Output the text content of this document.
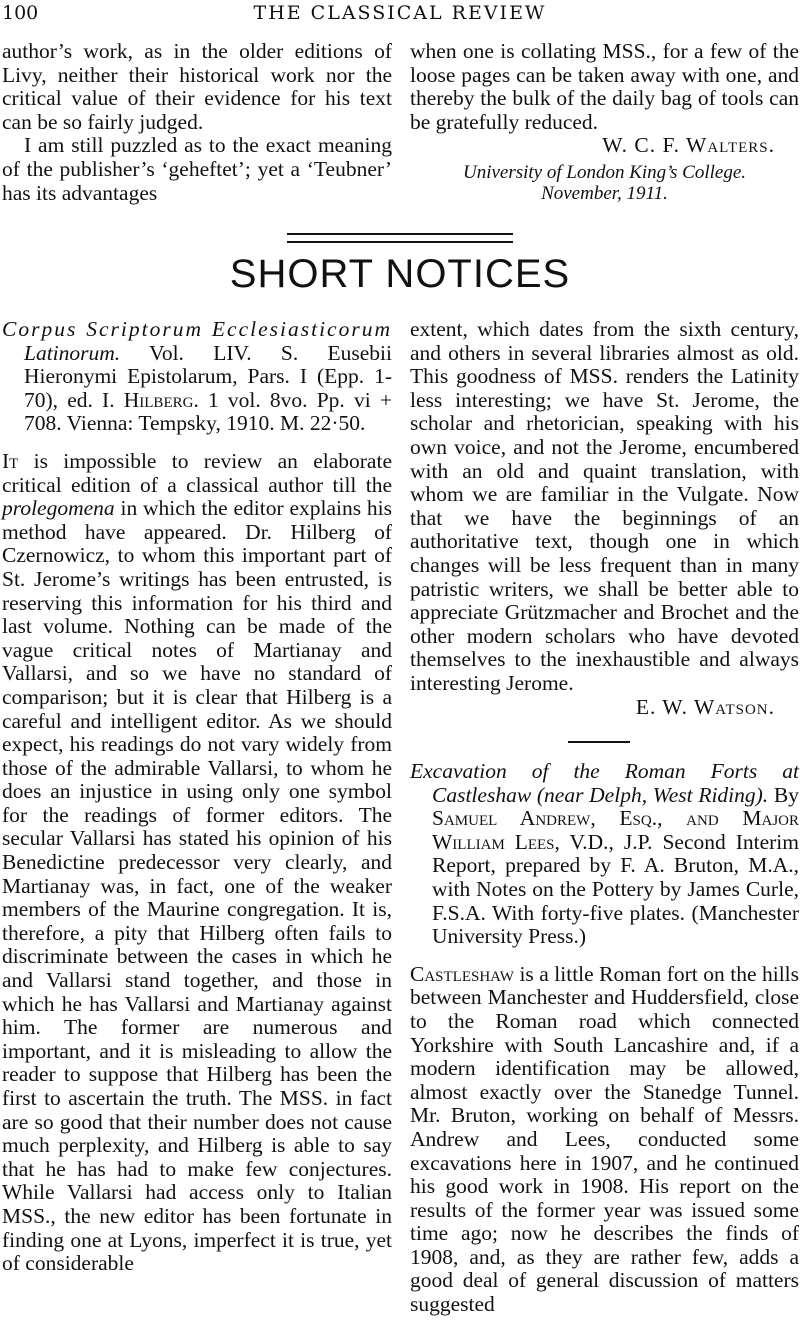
100	THE CLASSICAL REVIEW

author’s work, as in the older editions of Livy, neither their historical work nor the critical value of their evidence for his text can be so fairly judged.

I am still puzzled as to the exact meaning of the publisher’s ‘geheftet’; yet a ‘Teubner’ has its advantages

when one is collating MSS., for a few of the loose pages can be taken away with one, and thereby the bulk of the daily bag of tools can be gratefully reduced.

W. C. F. Walters.

University of London King’s College.

November, 1911.

SHORT NOTICES

Corpus Scriptorum Ecclesiasticorum Latinorum. Vol. LIV. S. Eusebii Hieronymi Epistolarum, Pars. I (Epp. 1-70), ed. I. Hilberg. 1 vol. 8vo. Pp. vi + 708. Vienna: Tempsky, 1910. M. 22·50.

It is impossible to review an elaborate critical edition of a classical author till the prolegomena in which the editor explains his method have appeared. Dr. Hilberg of Czernowicz, to whom this important part of St. Jerome’s writings has been entrusted, is reserving this information for his third and last volume. Nothing can be made of the vague critical notes of Martianay and Vallarsi, and so we have no standard of comparison; but it is clear that Hilberg is a careful and intelligent editor. As we should expect, his readings do not vary widely from those of the admirable Vallarsi, to whom he does an injustice in using only one symbol for the readings of former editors. The secular Vallarsi has stated his opinion of his Benedictine predecessor very clearly, and Martianay was, in fact, one of the weaker members of the Maurine congregation. It is, therefore, a pity that Hilberg often fails to discriminate between the cases in which he and Vallarsi stand together, and those in which he has Vallarsi and Martianay against him. The former are numerous and important, and it is misleading to allow the reader to suppose that Hilberg has been the first to ascertain the truth. The MSS. in fact are so good that their number does not cause much perplexity, and Hilberg is able to say that he has had to make few conjectures. While Vallarsi had access only to Italian MSS., the new editor has been fortunate in finding one at Lyons, imperfect it is true, yet of considerable

extent, which dates from the sixth century, and others in several libraries almost as old. This goodness of MSS. renders the Latinity less interesting; we have St. Jerome, the scholar and rhetorician, speaking with his own voice, and not the Jerome, encumbered with an old and quaint translation, with whom we are familiar in the Vulgate. Now that we have the beginnings of an authoritative text, though one in which changes will be less frequent than in many patristic writers, we shall be better able to appreciate Grützmacher and Brochet and the other modern scholars who have devoted themselves to the inexhaustible and always interesting Jerome.

E. W. Watson.

Excavation of the Roman Forts at Castleshaw (near Delph, West Riding). By Samuel Andrew, Esq., and Major William Lees, V.D., J.P. Second Interim Report, prepared by F. A. Bruton, M.A., with Notes on the Pottery by James Curle, F.S.A. With forty-five plates. (Manchester University Press.)

Castleshaw is a little Roman fort on the hills between Manchester and Huddersfield, close to the Roman road which connected Yorkshire with South Lancashire and, if a modern identification may be allowed, almost exactly over the Stanedge Tunnel. Mr. Bruton, working on behalf of Messrs. Andrew and Lees, conducted some excavations here in 1907, and he continued his good work in 1908. His report on the results of the former year was issued some time ago; now he describes the finds of 1908, and, as they are rather few, adds a good deal of general discussion of matters suggested
